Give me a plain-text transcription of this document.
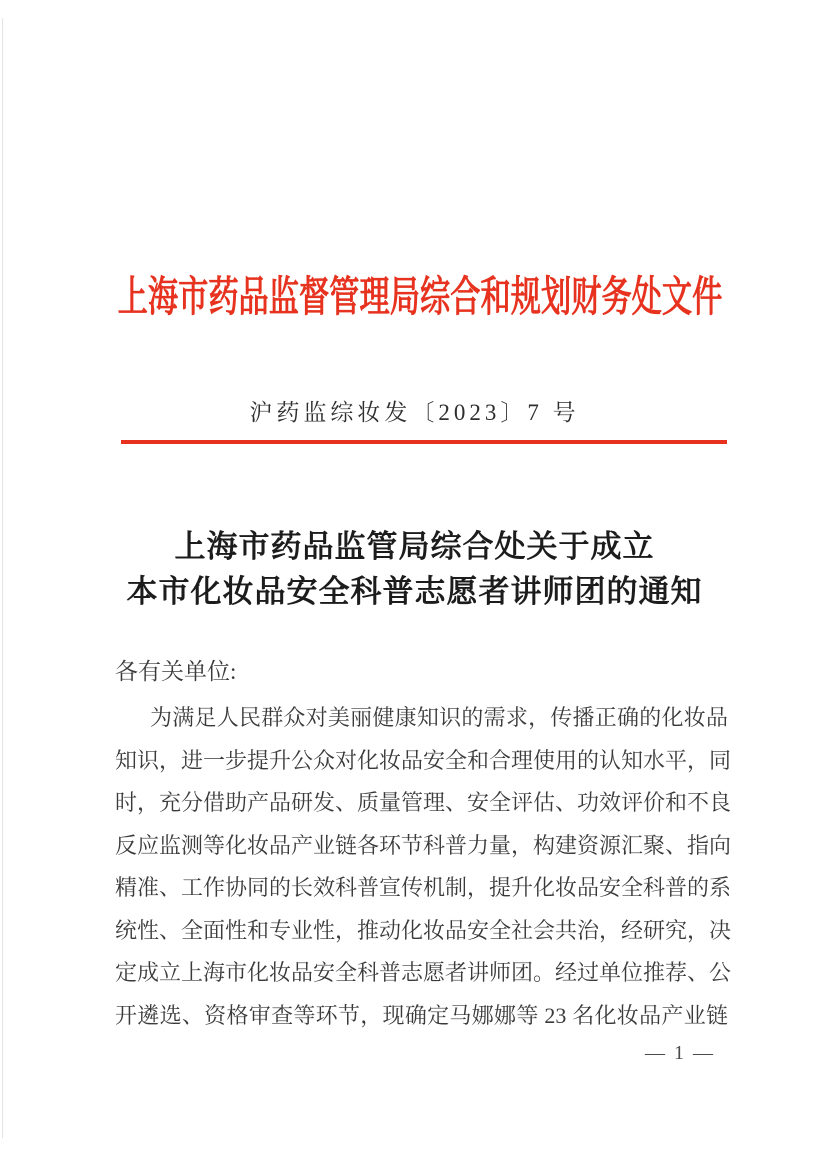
上海市药品监督管理局综合和规划财务处文件
沪药监综妆发〔2023〕7 号
上海市药品监管局综合处关于成立
本市化妆品安全科普志愿者讲师团的通知
各有关单位:
为满足人民群众对美丽健康知识的需求，传播正确的化妆品
知识，进一步提升公众对化妆品安全和合理使用的认知水平，同
时，充分借助产品研发、质量管理、安全评估、功效评价和不良
反应监测等化妆品产业链各环节科普力量，构建资源汇聚、指向
精准、工作协同的长效科普宣传机制，提升化妆品安全科普的系
统性、全面性和专业性，推动化妆品安全社会共治，经研究，决
定成立上海市化妆品安全科普志愿者讲师团。经过单位推荐、公
开遴选、资格审查等环节，现确定马娜娜等 23 名化妆品产业链
— 1 —
